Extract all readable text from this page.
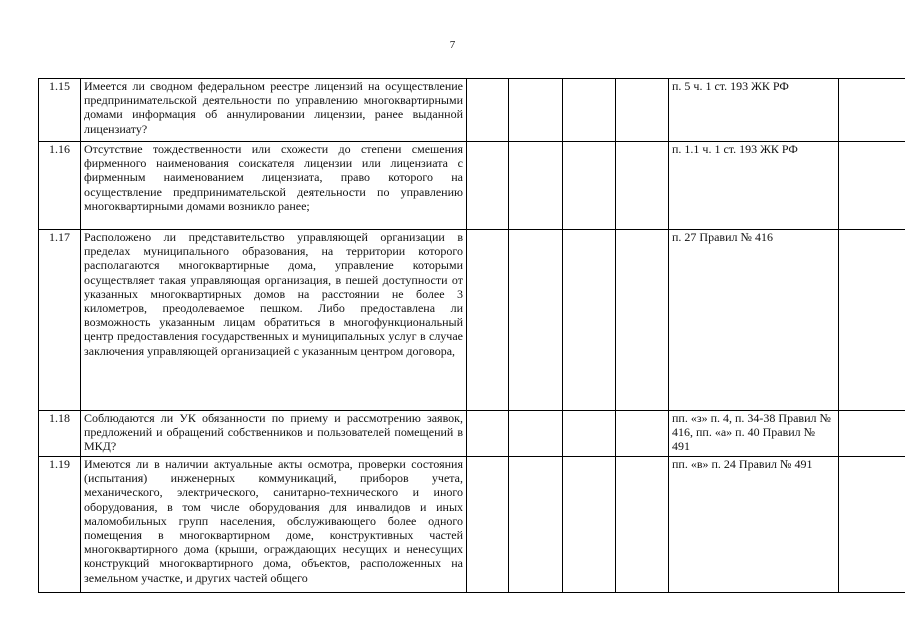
7
1.15	Имеется ли сводном федеральном реестре лицензий на осуществление предпринимательской деятельности по управлению многоквартирными домами информация об аннулировании лицензии, ранее выданной лицензиату?					п. 5 ч. 1 ст. 193 ЖК РФ	
1.16	Отсутствие тождественности или схожести до степени смешения фирменного наименования соискателя лицензии или лицензиата с фирменным наименованием лицензиата, право которого на осуществление предпринимательской деятельности по управлению многоквартирными домами возникло ранее;					п. 1.1 ч. 1 ст. 193 ЖК РФ	
1.17	Расположено ли представительство управляющей организации в пределах муниципального образования, на территории которого располагаются многоквартирные дома, управление которыми осуществляет такая управляющая организация, в пешей доступности от указанных многоквартирных домов на расстоянии не более 3 километров, преодолеваемое пешком. Либо предоставлена ли возможность указанным лицам обратиться в многофункциональный центр предоставления государственных и муниципальных услуг в случае заключения управляющей организацией с указанным центром договора,					п. 27 Правил № 416	
1.18	Соблюдаются ли УК обязанности по приему и рассмотрению заявок, предложений и обращений собственников и пользователей помещений в МКД?					пп. «з» п. 4, п. 34-38 Правил № 416, пп. «а» п. 40 Правил № 491	
1.19	Имеются ли в наличии актуальные акты осмотра, проверки состояния (испытания) инженерных коммуникаций, приборов учета, механического, электрического, санитарно-технического и иного оборудования, в том числе оборудования для инвалидов и иных маломобильных групп населения, обслуживающего более одного помещения в многоквартирном доме, конструктивных частей многоквартирного дома (крыши, ограждающих несущих и ненесущих конструкций многоквартирного дома, объектов, расположенных на земельном участке, и других частей общего					пп. «в» п. 24 Правил № 491	
